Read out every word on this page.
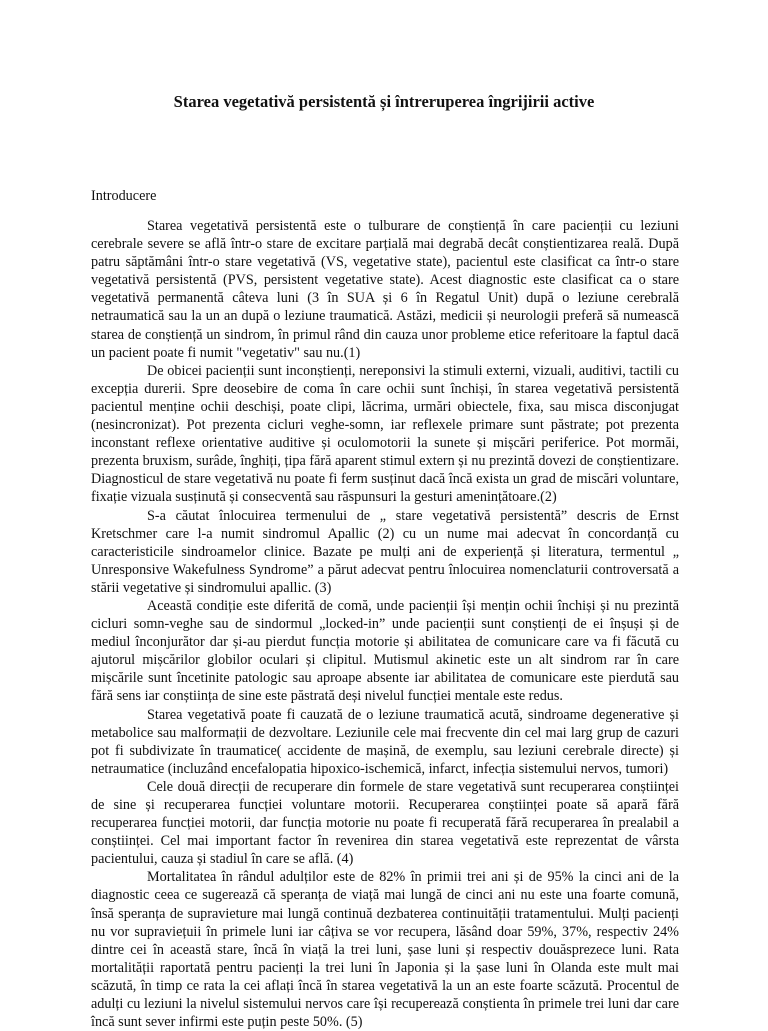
Starea vegetativă persistentă și întreruperea îngrijirii active
Introducere

Starea vegetativă persistentă este o tulburare de conștiență în care pacienții cu leziuni cerebrale severe se află într-o stare de excitare parțială mai degrabă decât conștientizarea reală. După patru săptămâni într-o stare vegetativă (VS, vegetative state), pacientul este clasificat ca într-o stare vegetativă persistentă (PVS, persistent vegetative state). Acest diagnostic este clasificat ca o stare vegetativă permanentă câteva luni (3 în SUA și 6 în Regatul Unit) după o leziune cerebrală netraumatică sau la un an după o leziune traumatică. Astăzi, medicii și neurologii preferă să numească starea de conștiență un sindrom, în primul rând din cauza unor probleme etice referitoare la faptul dacă un pacient poate fi numit "vegetativ" sau nu.(1)

De obicei pacienții sunt inconștienți, nereponsivi la stimuli externi, vizuali, auditivi, tactili cu excepția durerii. Spre deosebire de coma în care ochii sunt închiși, în starea vegetativă persistentă pacientul menține ochii deschiși, poate clipi, lăcrima, urmări obiectele, fixa, sau misca disconjugat (nesincronizat). Pot prezenta cicluri veghe-somn, iar reflexele primare sunt păstrate; pot prezenta inconstant reflexe orientative auditive și oculomotorii la sunete și mișcări periferice. Pot mormăi, prezenta bruxism, surâde, înghiți, țipa fără aparent stimul extern și nu prezintă dovezi de conștientizare. Diagnosticul de stare vegetativă nu poate fi ferm susținut dacă încă exista un grad de miscări voluntare, fixație vizuala susținută și consecventă sau răspunsuri la gesturi amenințătoare.(2)

S-a căutat înlocuirea termenului de „ stare vegetativă persistentă” descris de Ernst Kretschmer care l-a numit sindromul Apallic (2) cu un nume mai adecvat în concordanță cu caracteristicile sindroamelor clinice. Bazate pe mulți ani de experiență și literatura, termentul „ Unresponsive Wakefulness Syndrome” a părut adecvat pentru înlocuirea nomenclaturii controversată a stării vegetative și sindromului apallic. (3)

Această condiție este diferită de comă, unde pacienții își mențin ochii închiși și nu prezintă cicluri somn-veghe sau de sindormul „locked-in” unde pacienții sunt conștienți de ei înșuși și de mediul înconjurător dar și-au pierdut funcția motorie și abilitatea de comunicare care va fi făcută cu ajutorul mișcărilor globilor oculari și clipitul. Mutismul akinetic este un alt sindrom rar în care mișcările sunt încetinite patologic sau aproape absente iar abilitatea de comunicare este pierdută sau fără sens iar conștiința de sine este păstrată deși nivelul funcției mentale este redus.

Starea vegetativă poate fi cauzată de o leziune traumatică acută, sindroame degenerative și metabolice sau malformații de dezvoltare. Leziunile cele mai frecvente din cel mai larg grup de cazuri pot fi subdivizate în traumatice( accidente de mașină, de exemplu, sau leziuni cerebrale directe) și netraumatice (incluzând encefalopatia hipoxico-ischemică, infarct, infecția sistemului nervos, tumori)

Cele două direcții de recuperare din formele de stare vegetativă sunt recuperarea conștiinței de sine și recuperarea funcției voluntare motorii. Recuperarea conștiinței poate să apară fără recuperarea funcției motorii, dar funcția motorie nu poate fi recuperată fără recuperarea în prealabil a conștiinței. Cel mai important factor în revenirea din starea vegetativă este reprezentat de vârsta pacientului, cauza și stadiul în care se află. (4)

Mortalitatea în rândul adulților este de 82% în primii trei ani și de 95% la cinci ani de la diagnostic ceea ce sugerează că speranța de viață mai lungă de cinci ani nu este una foarte comună, însă speranța de supravieture mai lungă continuă dezbaterea continuității tratamentului. Mulți pacienți nu vor supraviețuii în primele luni iar câțiva se vor recupera, lăsând doar 59%, 37%, respectiv 24% dintre cei în această stare, încă în viață la trei luni, șase luni și respectiv douăsprezece luni. Rata mortalității raportată pentru pacienți la trei luni în Japonia și la șase luni în Olanda este mult mai scăzută, în timp ce rata la cei aflați încă în starea vegetativă la un an este foarte scăzută. Procentul de adulți cu leziuni la nivelul sistemului nervos care își recuperează conștienta în primele trei luni dar care încă sunt sever infirmi este puțin peste 50%. (5)
